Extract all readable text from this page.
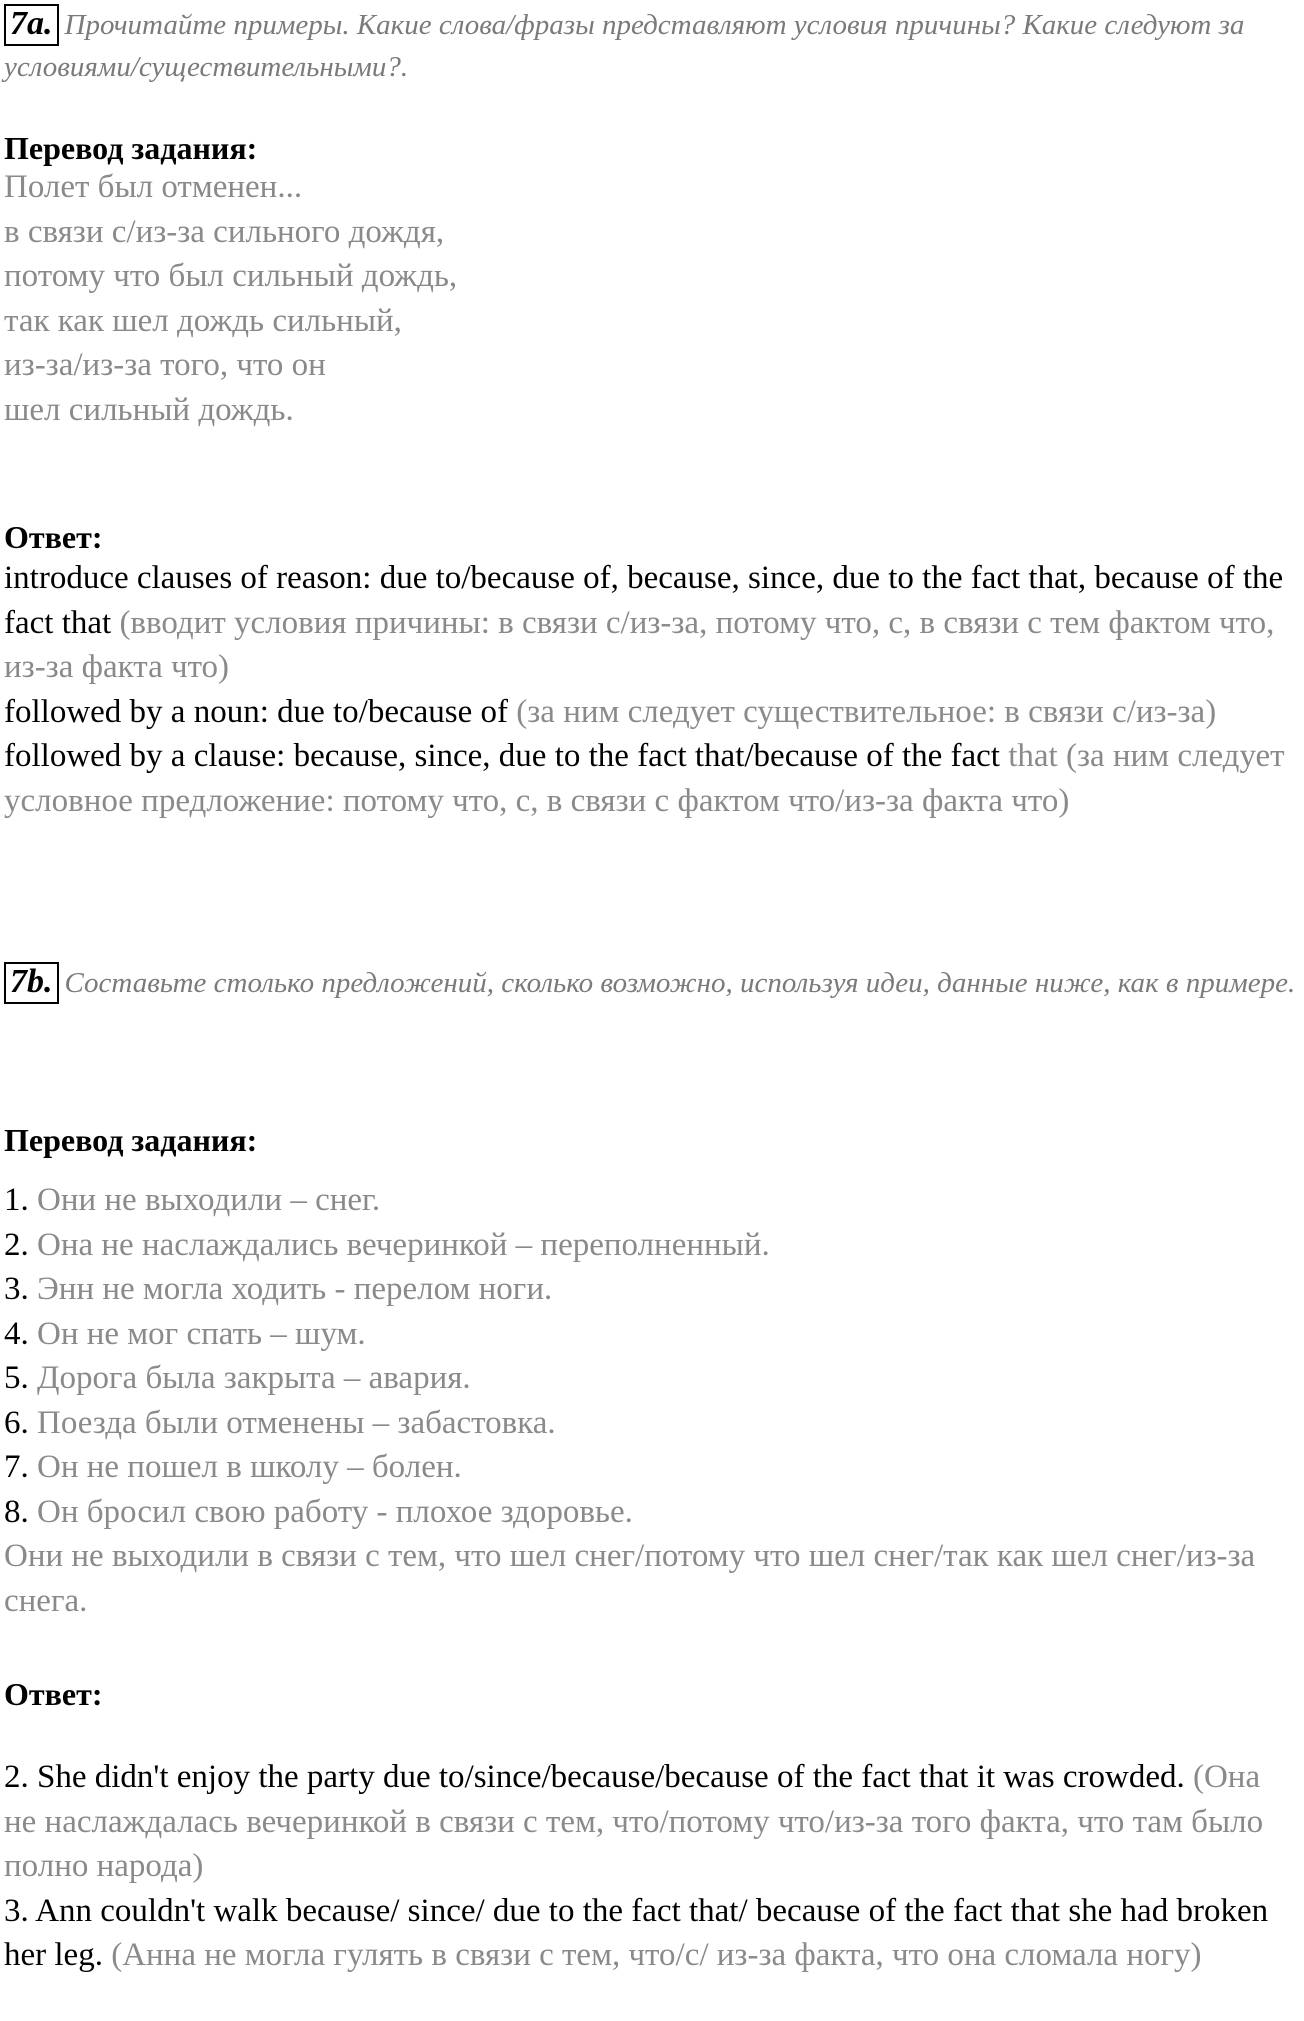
7a. Прочитайте примеры. Какие слова/фразы представляют условия причины? Какие следуют за условиями/существительными?.
Перевод задания:
Полет был отменен...
в связи с/из-за сильного дождя,
потому что был сильный дождь,
так как шел дождь сильный,
из-за/из-за того, что он
шел сильный дождь.
Ответ:
introduce clauses of reason: due to/because of, because, since, due to the fact that, because of the fact that (вводит условия причины: в связи с/из-за, потому что, с, в связи с тем фактом что, из-за факта что)
followed by a noun: due to/because of (за ним следует существительное: в связи с/из-за)
followed by a clause: because, since, due to the fact that/because of the fact that (за ним следует условное предложение: потому что, с, в связи с фактом что/из-за факта что)
7b. Составьте столько предложений, сколько возможно, используя идеи, данные ниже, как в примере.
Перевод задания:
1. Они не выходили – снег.
2. Она не наслаждались вечеринкой – переполненный.
3. Энн не могла ходить - перелом ноги.
4. Он не мог спать – шум.
5. Дорога была закрыта – авария.
6. Поезда были отменены – забастовка.
7. Он не пошел в школу – болен.
8. Он бросил свою работу - плохое здоровье.
Они не выходили в связи с тем, что шел снег/потому что шел снег/так как шел снег/из-за снега.
Ответ:
2. She didn't enjoy the party due to/since/because/because of the fact that it was crowded. (Она не наслаждалась вечеринкой в связи с тем, что/потому что/из-за того факта, что там было полно народа)
3. Ann couldn't walk because/ since/ due to the fact that/ because of the fact that she had broken her leg. (Анна не могла гулять в связи с тем, что/с/ из-за факта, что она сломала ногу)
